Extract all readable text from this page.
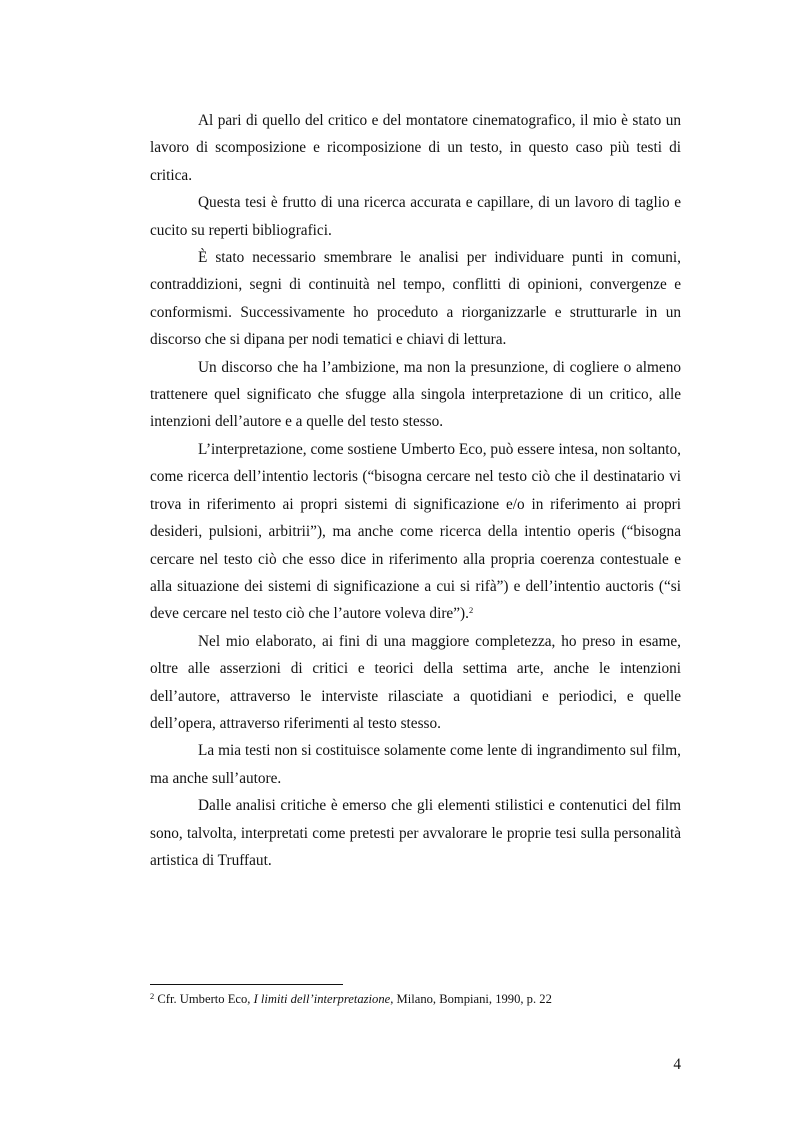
Al pari di quello del critico e del montatore cinematografico, il mio è stato un lavoro di scomposizione e ricomposizione di un testo, in questo caso più testi di critica.

Questa tesi è frutto di una ricerca accurata e capillare, di un lavoro di taglio e cucito su reperti bibliografici.

È stato necessario smembrare le analisi per individuare punti in comuni, contraddizioni, segni di continuità nel tempo, conflitti di opinioni, convergenze e conformismi. Successivamente ho proceduto a riorganizzarle e strutturarle in un discorso che si dipana per nodi tematici e chiavi di lettura.

Un discorso che ha l’ambizione, ma non la presunzione, di cogliere o almeno trattenere quel significato che sfugge alla singola interpretazione di un critico, alle intenzioni dell’autore e a quelle del testo stesso.

L’interpretazione, come sostiene Umberto Eco, può essere intesa, non soltanto, come ricerca dell’intentio lectoris (“bisogna cercare nel testo ciò che il destinatario vi trova in riferimento ai propri sistemi di significazione e/o in riferimento ai propri desideri, pulsioni, arbitrii”), ma anche come ricerca della intentio operis (“bisogna cercare nel testo ciò che esso dice in riferimento alla propria coerenza contestuale e alla situazione dei sistemi di significazione a cui si rifà”) e dell’intentio auctoris (“si deve cercare nel testo ciò che l’autore voleva dire”).$^2$

Nel mio elaborato, ai fini di una maggiore completezza, ho preso in esame, oltre alle asserzioni di critici e teorici della settima arte, anche le intenzioni dell’autore, attraverso le interviste rilasciate a quotidiani e periodici, e quelle dell’opera, attraverso riferimenti al testo stesso.

La mia testi non si costituisce solamente come lente di ingrandimento sul film, ma anche sull’autore.

Dalle analisi critiche è emerso che gli elementi stilistici e contenutici del film sono, talvolta, interpretati come pretesti per avvalorare le proprie tesi sulla personalità artistica di Truffaut.

$^2$ Cfr. Umberto Eco, I limiti dell’interpretazione, Milano, Bompiani, 1990, p. 22
4
